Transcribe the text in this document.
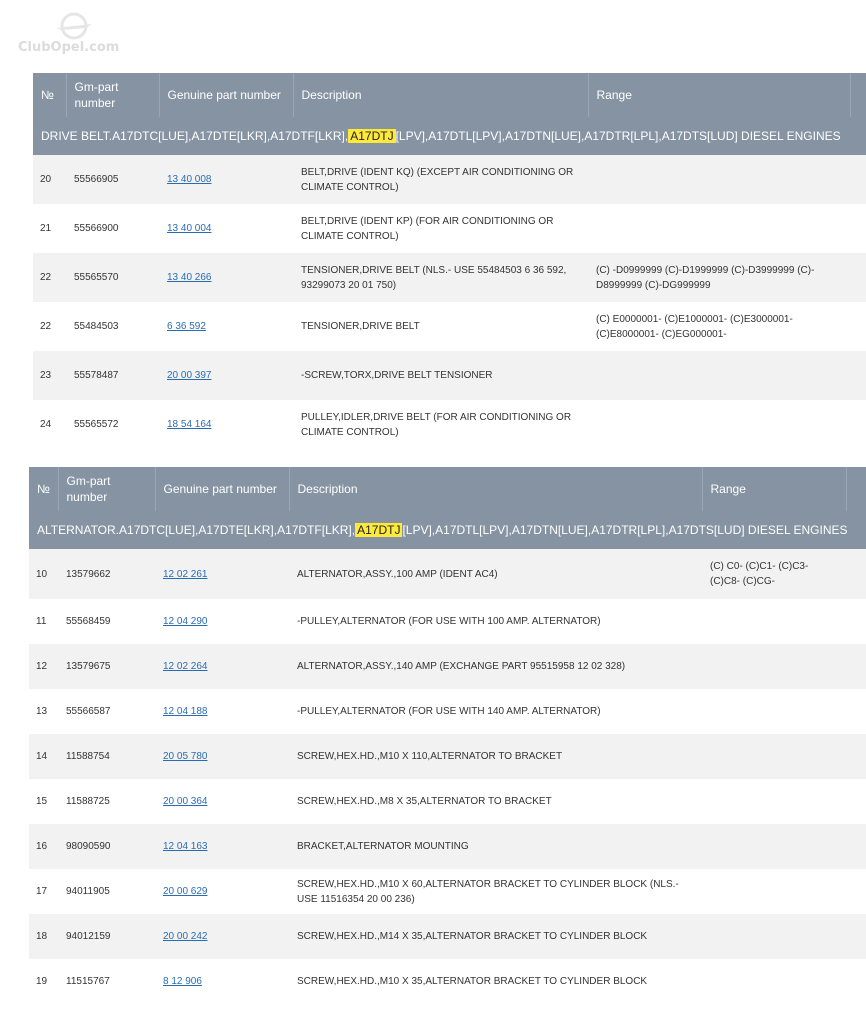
ClubOpel.com
№	Gm-part number	Genuine part number	Description	Range	
DRIVE BELT.A17DTC[LUE],A17DTE[LKR],A17DTF[LKR], A17DTJ [LPV],A17DTL[LPV],A17DTN[LUE],A17DTR[LPL],A17DTS[LUD] DIESEL ENGINES					
20	55566905	13 40 008	BELT,DRIVE (IDENT KQ) (EXCEPT AIR CONDITIONING OR CLIMATE CONTROL)		
21	55566900	13 40 004	BELT,DRIVE (IDENT KP) (FOR AIR CONDITIONING OR CLIMATE CONTROL)		
22	55565570	13 40 266	TENSIONER,DRIVE BELT (NLS.- USE 55484503 6 36 592, 93299073 20 01 750)	(C) -D0999999 (C)-D1999999 (C)-D3999999 (C)-D8999999 (C)-DG999999	
22	55484503	6 36 592	TENSIONER,DRIVE BELT	(C) E0000001- (C)E1000001- (C)E3000001- (C)E8000001- (C)EG000001-	
23	55578487	20 00 397	-SCREW,TORX,DRIVE BELT TENSIONER		
24	55565572	18 54 164	PULLEY,IDLER,DRIVE BELT (FOR AIR CONDITIONING OR CLIMATE CONTROL)		
№	Gm-part number	Genuine part number	Description	Range	
ALTERNATOR.A17DTC[LUE],A17DTE[LKR],A17DTF[LKR], A17DTJ [LPV],A17DTL[LPV],A17DTN[LUE],A17DTR[LPL],A17DTS[LUD] DIESEL ENGINES					
10	13579662	12 02 261	ALTERNATOR,ASSY.,100 AMP (IDENT AC4)	(C) C0- (C)C1- (C)C3- (C)C8- (C)CG-	
11	55568459	12 04 290	-PULLEY,ALTERNATOR (FOR USE WITH 100 AMP. ALTERNATOR)		
12	13579675	12 02 264	ALTERNATOR,ASSY.,140 AMP (EXCHANGE PART 95515958 12 02 328)		
13	55566587	12 04 188	-PULLEY,ALTERNATOR (FOR USE WITH 140 AMP. ALTERNATOR)		
14	11588754	20 05 780	SCREW,HEX.HD.,M10 X 110,ALTERNATOR TO BRACKET		
15	11588725	20 00 364	SCREW,HEX.HD.,M8 X 35,ALTERNATOR TO BRACKET		
16	98090590	12 04 163	BRACKET,ALTERNATOR MOUNTING		
17	94011905	20 00 629	SCREW,HEX.HD.,M10 X 60,ALTERNATOR BRACKET TO CYLINDER BLOCK (NLS.- USE 11516354 20 00 236)		
18	94012159	20 00 242	SCREW,HEX.HD.,M14 X 35,ALTERNATOR BRACKET TO CYLINDER BLOCK		
19	11515767	8 12 906	SCREW,HEX.HD.,M10 X 35,ALTERNATOR BRACKET TO CYLINDER BLOCK		
